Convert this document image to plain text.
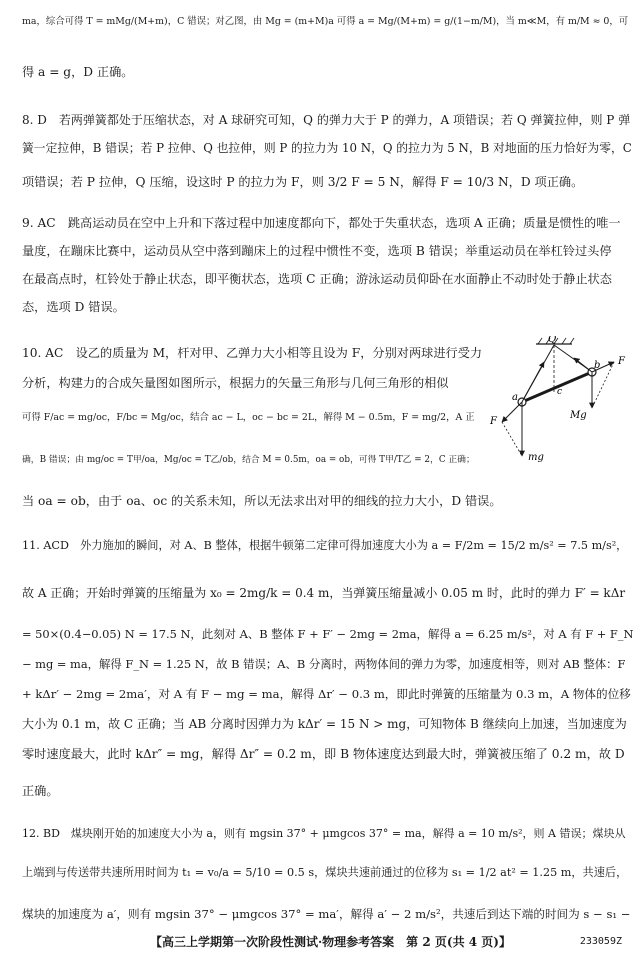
ma，综合可得 T = mMg/(M+m)，C 错误；对乙图，由 Mg = (m+M)a 可得 a = Mg/(M+m) = g/(1−m/M)，当 m≪M，有 m/M ≈ 0，可
得 a = g，D 正确。
8. D　若两弹簧都处于压缩状态，对 A 球研究可知，Q 的弹力大于 P 的弹力，A 项错误；若 Q 弹簧拉伸，则 P 弹
簧一定拉伸，B 错误；若 P 拉伸、Q 也拉伸，则 P 的拉力为 10 N，Q 的拉力为 5 N，B 对地面的压力恰好为零，C
项错误；若 P 拉伸，Q 压缩，设这时 P 的拉力为 F，则 3/2 F = 5 N，解得 F = 10/3 N，D 项正确。
9. AC　跳高运动员在空中上升和下落过程中加速度都向下，都处于失重状态，选项 A 正确；质量是惯性的唯一
量度，在蹦床比赛中，运动员从空中落到蹦床上的过程中惯性不变，选项 B 错误；举重运动员在举杠铃过头停
在最高点时，杠铃处于静止状态，即平衡状态，选项 C 正确；游泳运动员仰卧在水面静止不动时处于静止状态
态，选项 D 错误。
10. AC　设乙的质量为 M，杆对甲、乙弹力大小相等且设为 F，分别对两球进行受力
分析，构建力的合成矢量图如图所示，根据力的矢量三角形与几何三角形的相似
可得 F/ac = mg/oc，F/bc = Mg/oc，结合 ac − L，oc − bc = 2L，解得 M − 0.5m，F = mg/2，A 正
确，B 错误；由 mg/oc = T甲/oa，Mg/oc = T乙/ob，结合 M = 0.5m，oa = ob，可得 T甲/T乙 = 2，C 正确；
当 oa = ob，由于 oa、oc 的关系未知，所以无法求出对甲的细线的拉力大小，D 错误。
11. ACD　外力施加的瞬间，对 A、B 整体，根据牛顿第二定律可得加速度大小为 a = F/2m = 15/2 m/s² = 7.5 m/s²，
故 A 正确；开始时弹簧的压缩量为 x₀ = 2mg/k = 0.4 m，当弹簧压缩量减小 0.05 m 时，此时的弹力 F′ = kΔr
= 50×(0.4−0.05) N = 17.5 N，此刻对 A、B 整体 F + F′ − 2mg = 2ma，解得 a = 6.25 m/s²，对 A 有 F + F_N
− mg = ma，解得 F_N = 1.25 N，故 B 错误；A、B 分离时，两物体间的弹力为零，加速度相等，则对 AB 整体：F
+ kΔr′ − 2mg = 2ma′，对 A 有 F − mg = ma，解得 Δr′ − 0.3 m，即此时弹簧的压缩量为 0.3 m，A 物体的位移
大小为 0.1 m，故 C 正确；当 AB 分离时因弹力为 kΔr′ = 15 N > mg，可知物体 B 继续向上加速，当加速度为
零时速度最大，此时 kΔr″ = mg，解得 Δr″ = 0.2 m，即 B 物体速度达到最大时，弹簧被压缩了 0.2 m，故 D
正确。
12. BD　煤块刚开始的加速度大小为 a，则有 mgsin 37° + μmgcos 37° = ma，解得 a = 10 m/s²，则 A 错误；煤块从
上端到与传送带共速所用时间为 t₁ = v₀/a = 5/10 = 0.5 s，煤块共速前通过的位移为 s₁ = 1/2 at² = 1.25 m，共速后，
煤块的加速度为 a′，则有 mgsin 37° − μmgcos 37° = ma′，解得 a′ − 2 m/s²，共速后到达下端的时间为 s − s₁ −
Q
a
b
c
F
F
mg
Mg
【高三上学期第一次阶段性测试·物理参考答案　第 2 页(共 4 页)】	233059Z
